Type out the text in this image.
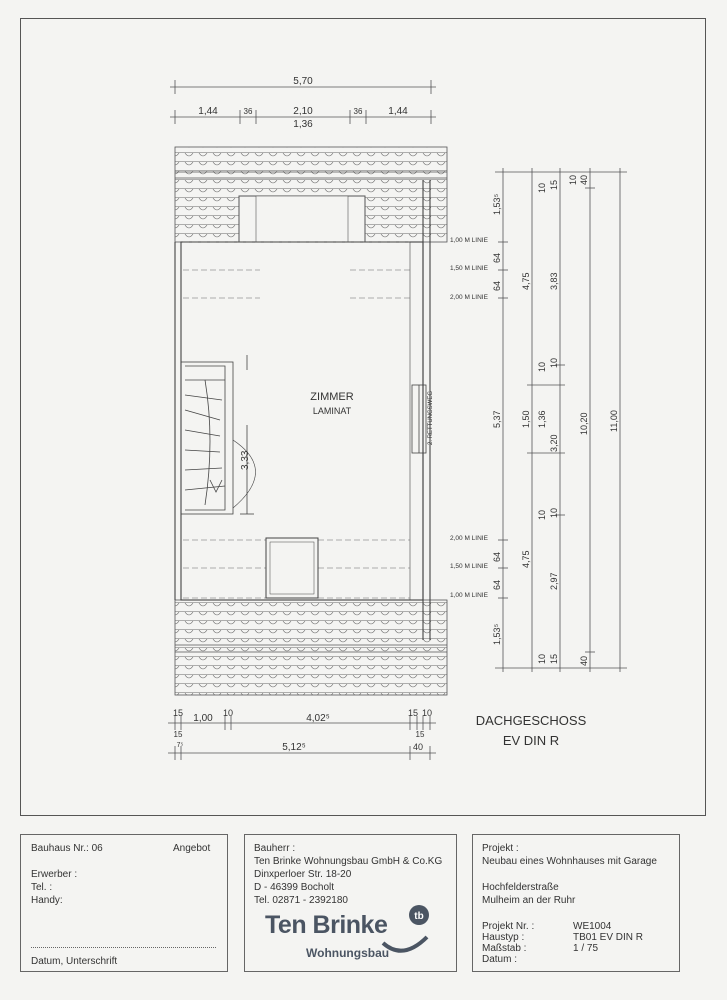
5,70
1,44	36	2,10
1,36
36	1,44
3,33
2. RETTUNGSWEG
ZIMMER
LAMINAT
1,00 M LINIE
1,50 M LINIE
2,00 M LINIE
2,00 M LINIE
1,50 M LINIE
1,00 M LINIE
1,53⁵
64
64
5,37
64
64
1,53⁵
4,75
1,50
4,75
10
1,36
10
10
10
15
3,83
10
3,20
10
2,97
15
10
10,20
40
40
11,00
15 1,00 10	4,02⁵	15 10
15	15
7⁵	5,12⁵	40
DACHGESCHOSS
EV DIN R
Bauhaus Nr.: 06	Angebot
Erwerber :
Tel. :
Handy:
Datum, Unterschrift
Bauherr :
Ten Brinke Wohnungsbau GmbH & Co.KG
Dinxperloer Str. 18-20
D - 46399 Bocholt
Tel. 02871 - 2392180
tb
Ten Brinke
Wohnungsbau
Projekt :
Neubau eines Wohnhauses mit Garage
Hochfelderstraße
Mulheim an der Ruhr
Projekt Nr. :	WE1004
Haustyp :	TB01 EV DIN R
Maßstab :	1 / 75
Datum :
